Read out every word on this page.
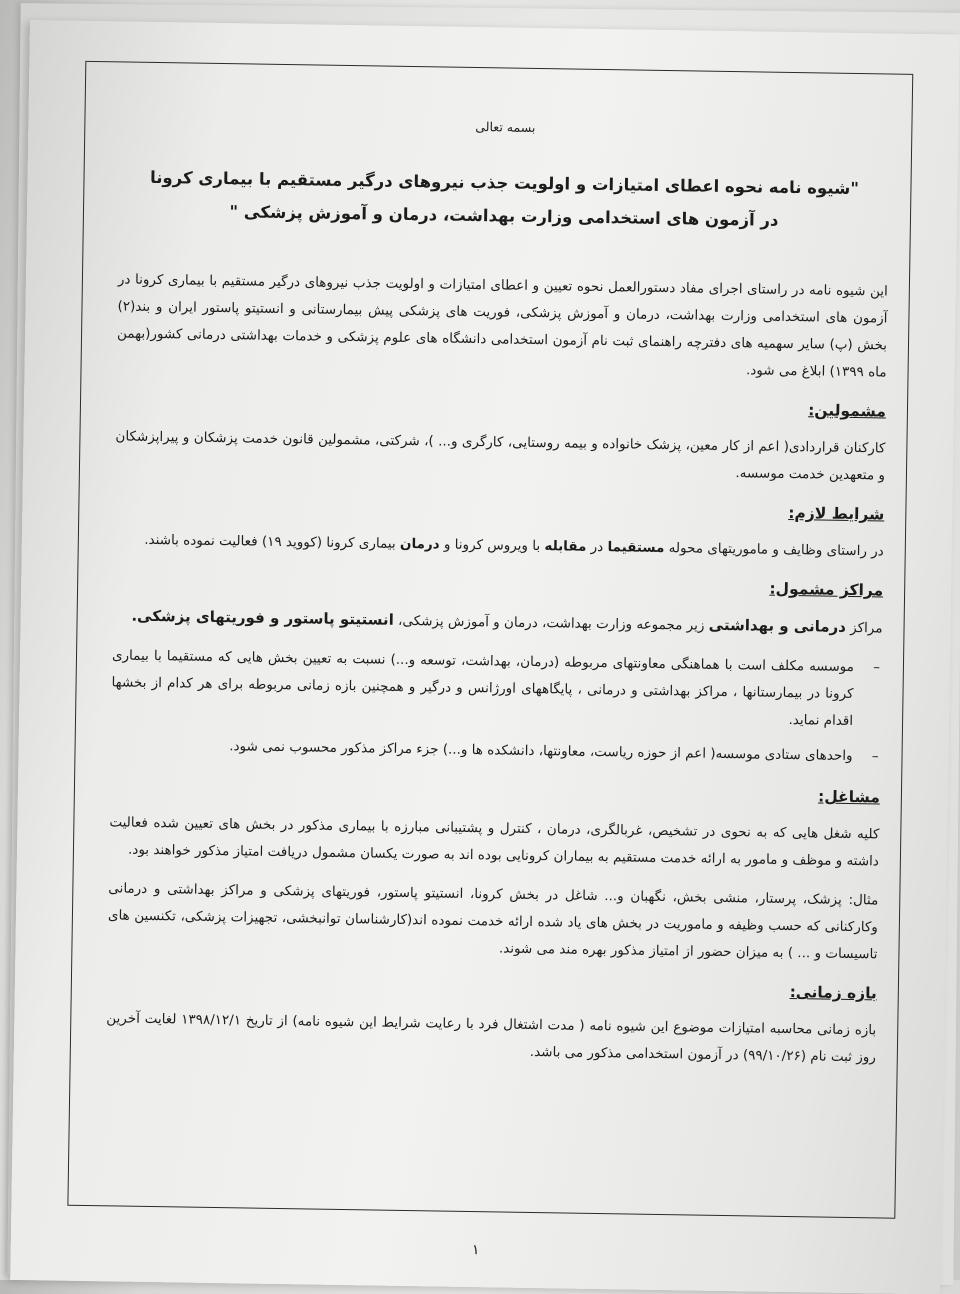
بسمه تعالی
"شیوه نامه نحوه اعطای امتیازات و اولویت جذب نیروهای درگیر مستقیم با بیماری کرونا در آزمون های استخدامی وزارت بهداشت، درمان و آموزش پزشکی "

این شیوه نامه در راستای اجرای مفاد دستورالعمل نحوه تعیین و اعطای امتیازات و اولویت جذب نیروهای درگیر مستقیم با بیماری کرونا در آزمون های استخدامی وزارت بهداشت، درمان و آموزش پزشکی، فوریت های پزشکی پیش بیمارستانی و انستیتو پاستور ایران و بند(۲) بخش (پ) سایر سهمیه های دفترچه راهنمای ثبت نام آزمون استخدامی دانشگاه های علوم پزشکی و خدمات بهداشتی درمانی کشور(بهمن ماه ۱۳۹۹) ابلاغ می شود.

مشمولین:

کارکنان قراردادی( اعم از کار معین، پزشک خانواده و بیمه روستایی، کارگری و... )، شرکتی، مشمولین قانون خدمت پزشکان و پیراپزشکان و متعهدین خدمت موسسه.

شرایط لازم:

در راستای وظایف و ماموریتهای محوله مستقیما در مقابله با ویروس کرونا و درمان بیماری کرونا (کووید ۱۹) فعالیت نموده باشند.

مراکز مشمول:

مراکز درمانی و بهداشتی زیر مجموعه وزارت بهداشت، درمان و آموزش پزشکی، انستیتو پاستور و فوریتهای پزشکی.

–
موسسه مکلف است با هماهنگی معاونتهای مربوطه (درمان، بهداشت، توسعه و...) نسبت به تعیین بخش هایی که مستقیما با بیماری کرونا در بیمارستانها ، مراکز بهداشتی و درمانی ، پایگاههای اورژانس و درگیر و همچنین بازه زمانی مربوطه برای هر کدام از بخشها اقدام نماید.
–
واحدهای ستادی موسسه( اعم از حوزه ریاست، معاونتها، دانشکده ها و...) جزء مراکز مذکور محسوب نمی شود.
مشاغل:

کلیه شغل هایی که به نحوی در تشخیص، غربالگری، درمان ، کنترل و پشتیبانی مبارزه با بیماری مذکور در بخش های تعیین شده فعالیت داشته و موظف و مامور به ارائه خدمت مستقیم به بیماران کرونایی بوده اند به صورت یکسان مشمول دریافت امتیاز مذکور خواهند بود.

مثال: پزشک، پرستار، منشی بخش، نگهبان و... شاغل در بخش کرونا، انستیتو پاستور، فوریتهای پزشکی و مراکز بهداشتی و درمانی وکارکنانی که حسب وظیفه و ماموریت در بخش های یاد شده ارائه خدمت نموده اند(کارشناسان توانبخشی، تجهیزات پزشکی، تکنسین های تاسیسات و ... ) به میزان حضور از امتیاز مذکور بهره مند می شوند.

بازه زمانی:

بازه زمانی محاسبه امتیازات موضوع این شیوه نامه ( مدت اشتغال فرد با رعایت شرایط این شیوه نامه) از تاریخ ۱۳۹۸/۱۲/۱ لغایت آخرین روز ثبت نام (۹۹/۱۰/۲۶) در آزمون استخدامی مذکور می باشد.

۱
